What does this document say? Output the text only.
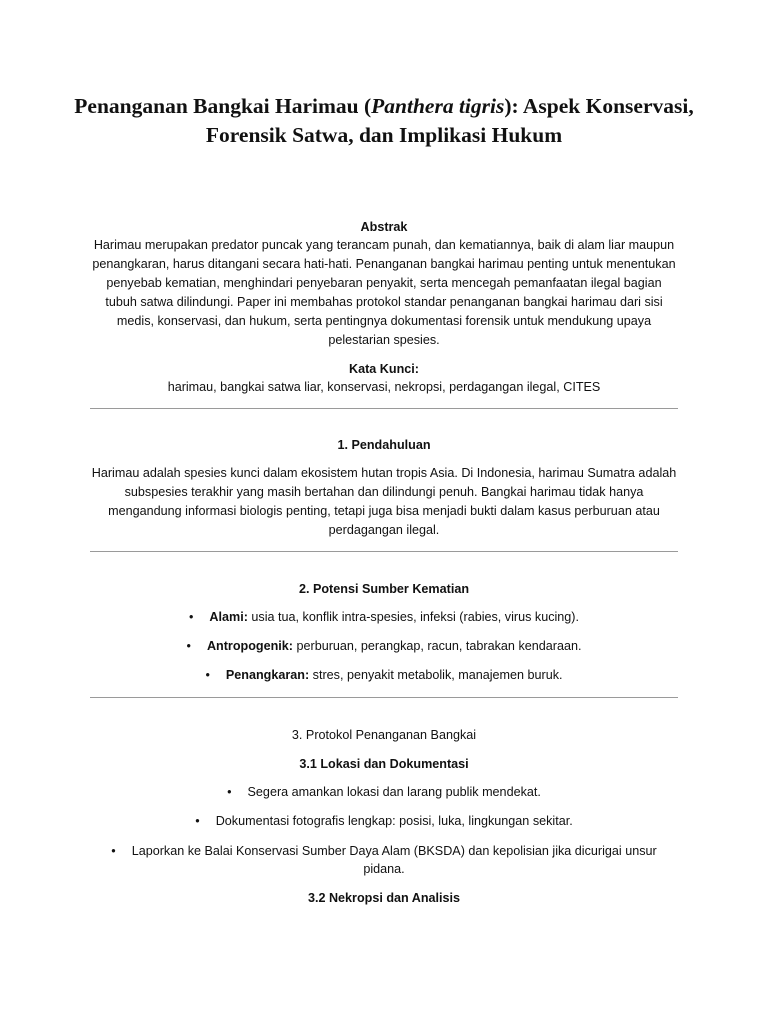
Penanganan Bangkai Harimau (Panthera tigris): Aspek Konservasi, Forensik Satwa, dan Implikasi Hukum
Abstrak
Harimau merupakan predator puncak yang terancam punah, dan kematiannya, baik di alam liar maupun
penangkaran, harus ditangani secara hati-hati. Penanganan bangkai harimau penting untuk menentukan
penyebab kematian, menghindari penyebaran penyakit, serta mencegah pemanfaatan ilegal bagian
tubuh satwa dilindungi. Paper ini membahas protokol standar penanganan bangkai harimau dari sisi
medis, konservasi, dan hukum, serta pentingnya dokumentasi forensik untuk mendukung upaya
pelestarian spesies.
Kata Kunci:
harimau, bangkai satwa liar, konservasi, nekropsi, perdagangan ilegal, CITES
1. Pendahuluan
Harimau adalah spesies kunci dalam ekosistem hutan tropis Asia. Di Indonesia, harimau Sumatra adalah
subspesies terakhir yang masih bertahan dan dilindungi penuh. Bangkai harimau tidak hanya
mengandung informasi biologis penting, tetapi juga bisa menjadi bukti dalam kasus perburuan atau
perdagangan ilegal.
2. Potensi Sumber Kematian
• Alami: usia tua, konflik intra-spesies, infeksi (rabies, virus kucing).
• Antropogenik: perburuan, perangkap, racun, tabrakan kendaraan.
• Penangkaran: stres, penyakit metabolik, manajemen buruk.
3. Protokol Penanganan Bangkai
3.1 Lokasi dan Dokumentasi
• Segera amankan lokasi dan larang publik mendekat.
• Dokumentasi fotografis lengkap: posisi, luka, lingkungan sekitar.
• Laporkan ke Balai Konservasi Sumber Daya Alam (BKSDA) dan kepolisian jika dicurigai unsur
pidana.
3.2 Nekropsi dan Analisis
